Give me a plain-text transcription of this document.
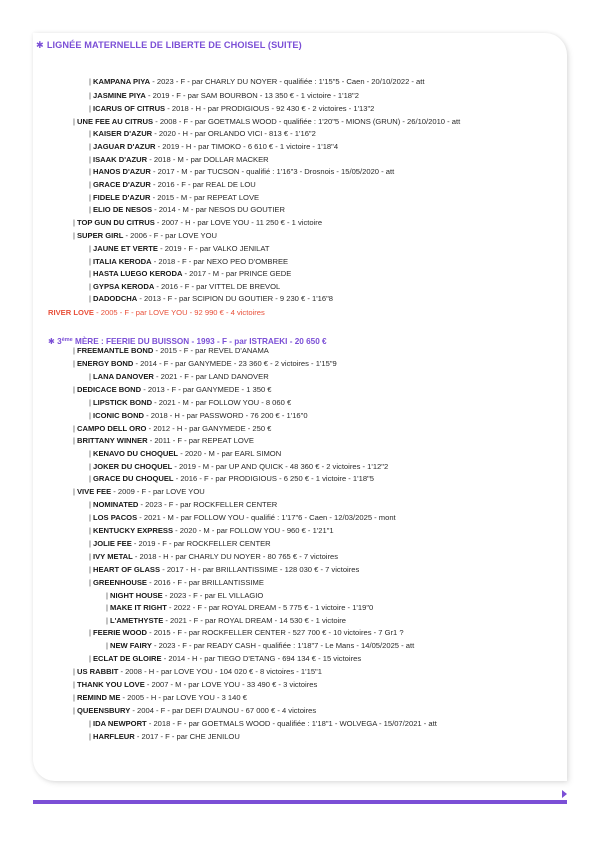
✱ LIGNÉE MATERNELLE DE LIBERTE DE CHOISEL (SUITE)
| KAMPANA PIYA - 2023 - F - par CHARLY DU NOYER - qualifiée : 1'15"5 - Caen - 20/10/2022 - att
| JASMINE PIYA - 2019 - F - par SAM BOURBON - 13 350 € - 1 victoire - 1'18"2
| ICARUS OF CITRUS - 2018 - H - par PRODIGIOUS - 92 430 € - 2 victoires - 1'13"2
| UNE FEE AU CITRUS - 2008 - F - par GOETMALS WOOD - qualifiée : 1'20"5 - MIONS (GRUN) - 26/10/2010 - att
| KAISER D'AZUR - 2020 - H - par ORLANDO VICI - 813 € - 1'16"2
| JAGUAR D'AZUR - 2019 - H - par TIMOKO - 6 610 € - 1 victoire - 1'18"4
| ISAAK D'AZUR - 2018 - M - par DOLLAR MACKER
| HANOS D'AZUR - 2017 - M - par TUCSON - qualifié : 1'16"3 - Drosnois - 15/05/2020 - att
| GRACE D'AZUR - 2016 - F - par REAL DE LOU
| FIDELE D'AZUR - 2015 - M - par REPEAT LOVE
| ELIO DE NESOS - 2014 - M - par NESOS DU GOUTIER
| TOP GUN DU CITRUS - 2007 - H - par LOVE YOU - 11 250 € - 1 victoire
| SUPER GIRL - 2006 - F - par LOVE YOU
| JAUNE ET VERTE - 2019 - F - par VALKO JENILAT
| ITALIA KERODA - 2018 - F - par NEXO PEO D'OMBREE
| HASTA LUEGO KERODA - 2017 - M - par PRINCE GEDE
| GYPSA KERODA - 2016 - F - par VITTEL DE BREVOL
| DADODCHA - 2013 - F - par SCIPION DU GOUTIER - 9 230 € - 1'16"8
RIVER LOVE - 2005 - F - par LOVE YOU - 92 990 € - 4 victoires
✱ 3ème MÈRE : FEERIE DU BUISSON - 1993 - F - par ISTRAEKI - 20 650 €
| FREEMANTLE BOND - 2015 - F - par REVEL D'ANAMA
| ENERGY BOND - 2014 - F - par GANYMEDE - 23 360 € - 2 victoires - 1'15"9
| LANA DANOVER - 2021 - F - par LAND DANOVER
| DEDICACE BOND - 2013 - F - par GANYMEDE - 1 350 €
| LIPSTICK BOND - 2021 - M - par FOLLOW YOU - 8 060 €
| ICONIC BOND - 2018 - H - par PASSWORD - 76 200 € - 1'16"0
| CAMPO DELL ORO - 2012 - H - par GANYMEDE - 250 €
| BRITTANY WINNER - 2011 - F - par REPEAT LOVE
| KENAVO DU CHOQUEL - 2020 - M - par EARL SIMON
| JOKER DU CHOQUEL - 2019 - M - par UP AND QUICK - 48 360 € - 2 victoires - 1'12"2
| GRACE DU CHOQUEL - 2016 - F - par PRODIGIOUS - 6 250 € - 1 victoire - 1'18"5
| VIVE FEE - 2009 - F - par LOVE YOU
| NOMINATED - 2023 - F - par ROCKFELLER CENTER
| LOS PACOS - 2021 - M - par FOLLOW YOU - qualifié : 1'17"6 - Caen - 12/03/2025 - mont
| KENTUCKY EXPRESS - 2020 - M - par FOLLOW YOU - 960 € - 1'21"1
| JOLIE FEE - 2019 - F - par ROCKFELLER CENTER
| IVY METAL - 2018 - H - par CHARLY DU NOYER - 80 765 € - 7 victoires
| HEART OF GLASS - 2017 - H - par BRILLANTISSIME - 128 030 € - 7 victoires
| GREENHOUSE - 2016 - F - par BRILLANTISSIME
| NIGHT HOUSE - 2023 - F - par EL VILLAGIO
| MAKE IT RIGHT - 2022 - F - par ROYAL DREAM - 5 775 € - 1 victoire - 1'19"0
| L'AMETHYSTE - 2021 - F - par ROYAL DREAM - 14 530 € - 1 victoire
| FEERIE WOOD - 2015 - F - par ROCKFELLER CENTER - 527 700 € - 10 victoires - 7 Gr1 ?
| NEW FAIRY - 2023 - F - par READY CASH - qualifiée : 1'18"7 - Le Mans - 14/05/2025 - att
| ECLAT DE GLOIRE - 2014 - H - par TIEGO D'ETANG - 694 134 € - 15 victoires
| US RABBIT - 2008 - H - par LOVE YOU - 104 020 € - 8 victoires - 1'15"1
| THANK YOU LOVE - 2007 - M - par LOVE YOU - 33 490 € - 3 victoires
| REMIND ME - 2005 - H - par LOVE YOU - 3 140 €
| QUEENSBURY - 2004 - F - par DEFI D'AUNOU - 67 000 € - 4 victoires
| IDA NEWPORT - 2018 - F - par GOETMALS WOOD - qualifiée : 1'18"1 - WOLVEGA - 15/07/2021 - att
| HARFLEUR - 2017 - F - par CHE JENILOU
